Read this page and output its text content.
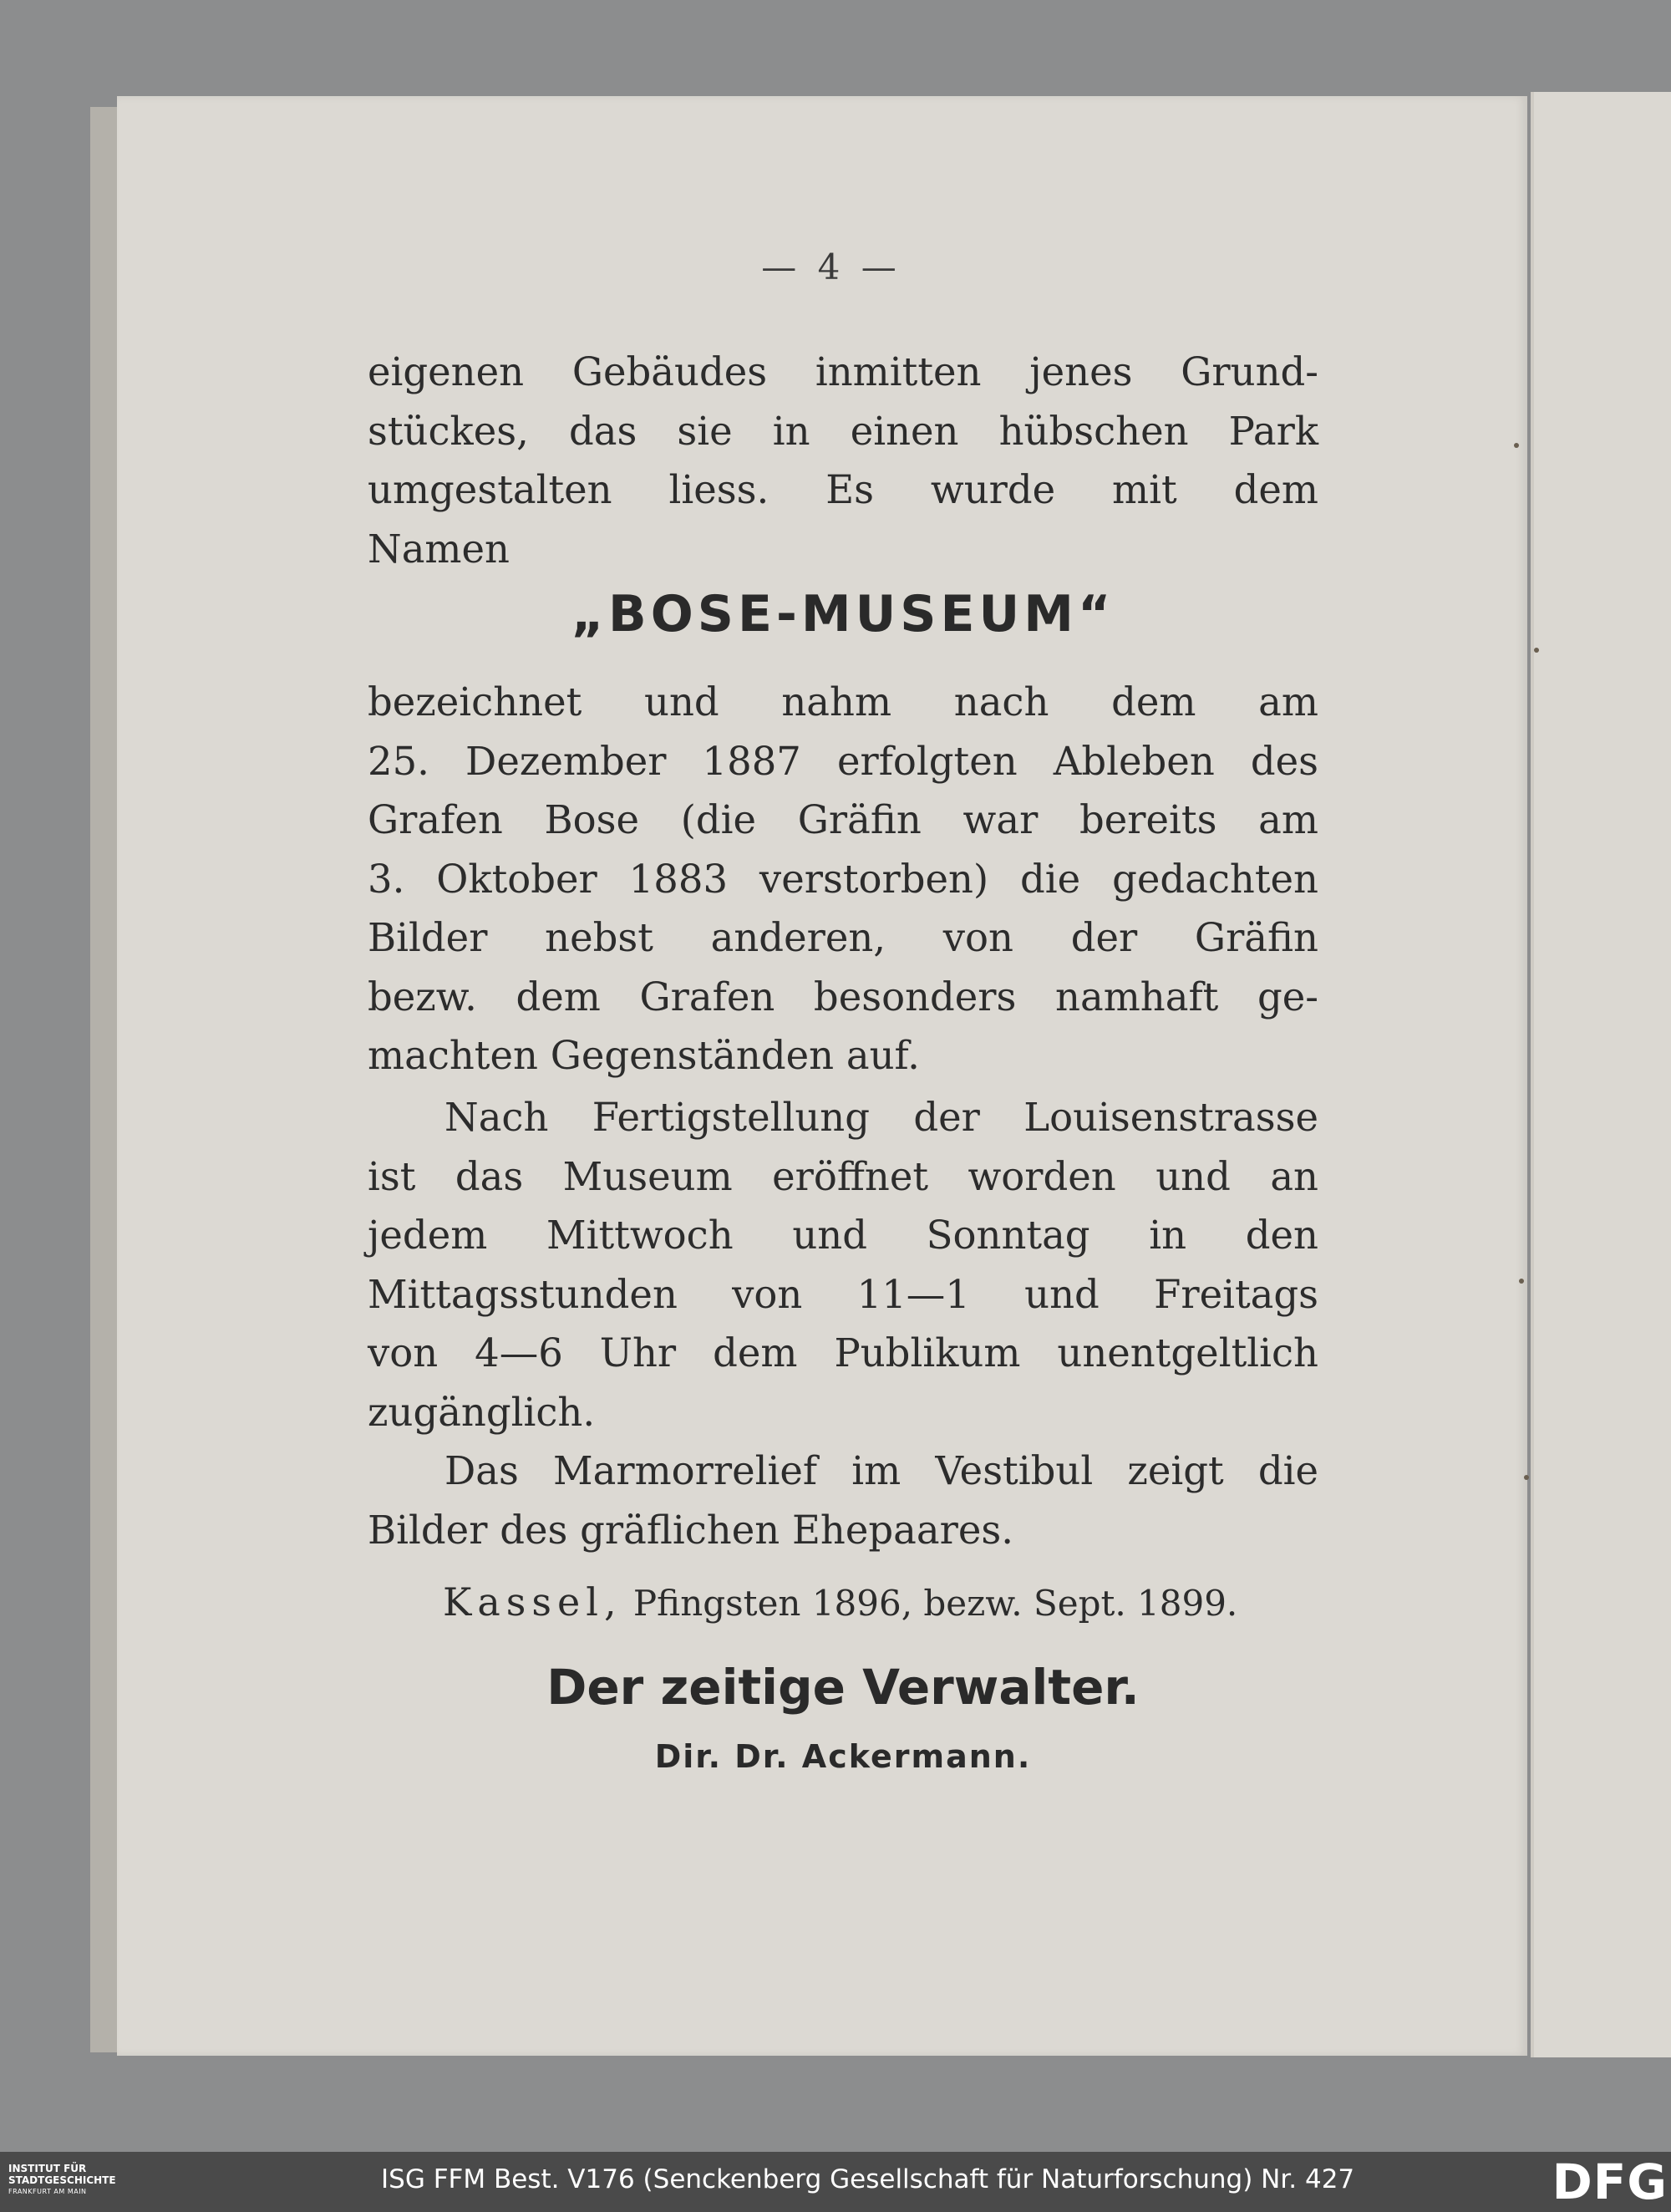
— 4 —

eigenen Gebäudes inmitten jenes Grund-
stückes, das sie in einen hübschen Park
umgestalten liess. Es wurde mit dem
Namen

„BOSE-MUSEUM“

bezeichnet und nahm nach dem am
25. Dezember 1887 erfolgten Ableben des
Grafen Bose (die Gräfin war bereits am
3. Oktober 1883 verstorben) die gedachten
Bilder nebst anderen, von der Gräfin
bezw. dem Grafen besonders namhaft ge-
machten Gegenständen auf.

Nach Fertigstellung der Louisenstrasse
ist das Museum eröffnet worden und an
jedem Mittwoch und Sonntag in den
Mittagsstunden von 11—1 und Freitags
von 4—6 Uhr dem Publikum unentgeltlich
zugänglich.

Das Marmorrelief im Vestibul zeigt die
Bilder des gräflichen Ehepaares.

Kassel, Pfingsten 1896, bezw. Sept. 1899.
Der zeitige Verwalter.
Dir. Dr. Ackermann.
INSTITUT FÜR
STADTGESCHICHTE
FRANKFURT AM MAIN	ISG FFM Best. V176 (Senckenberg Gesellschaft für Naturforschung) Nr. 427	DFG
